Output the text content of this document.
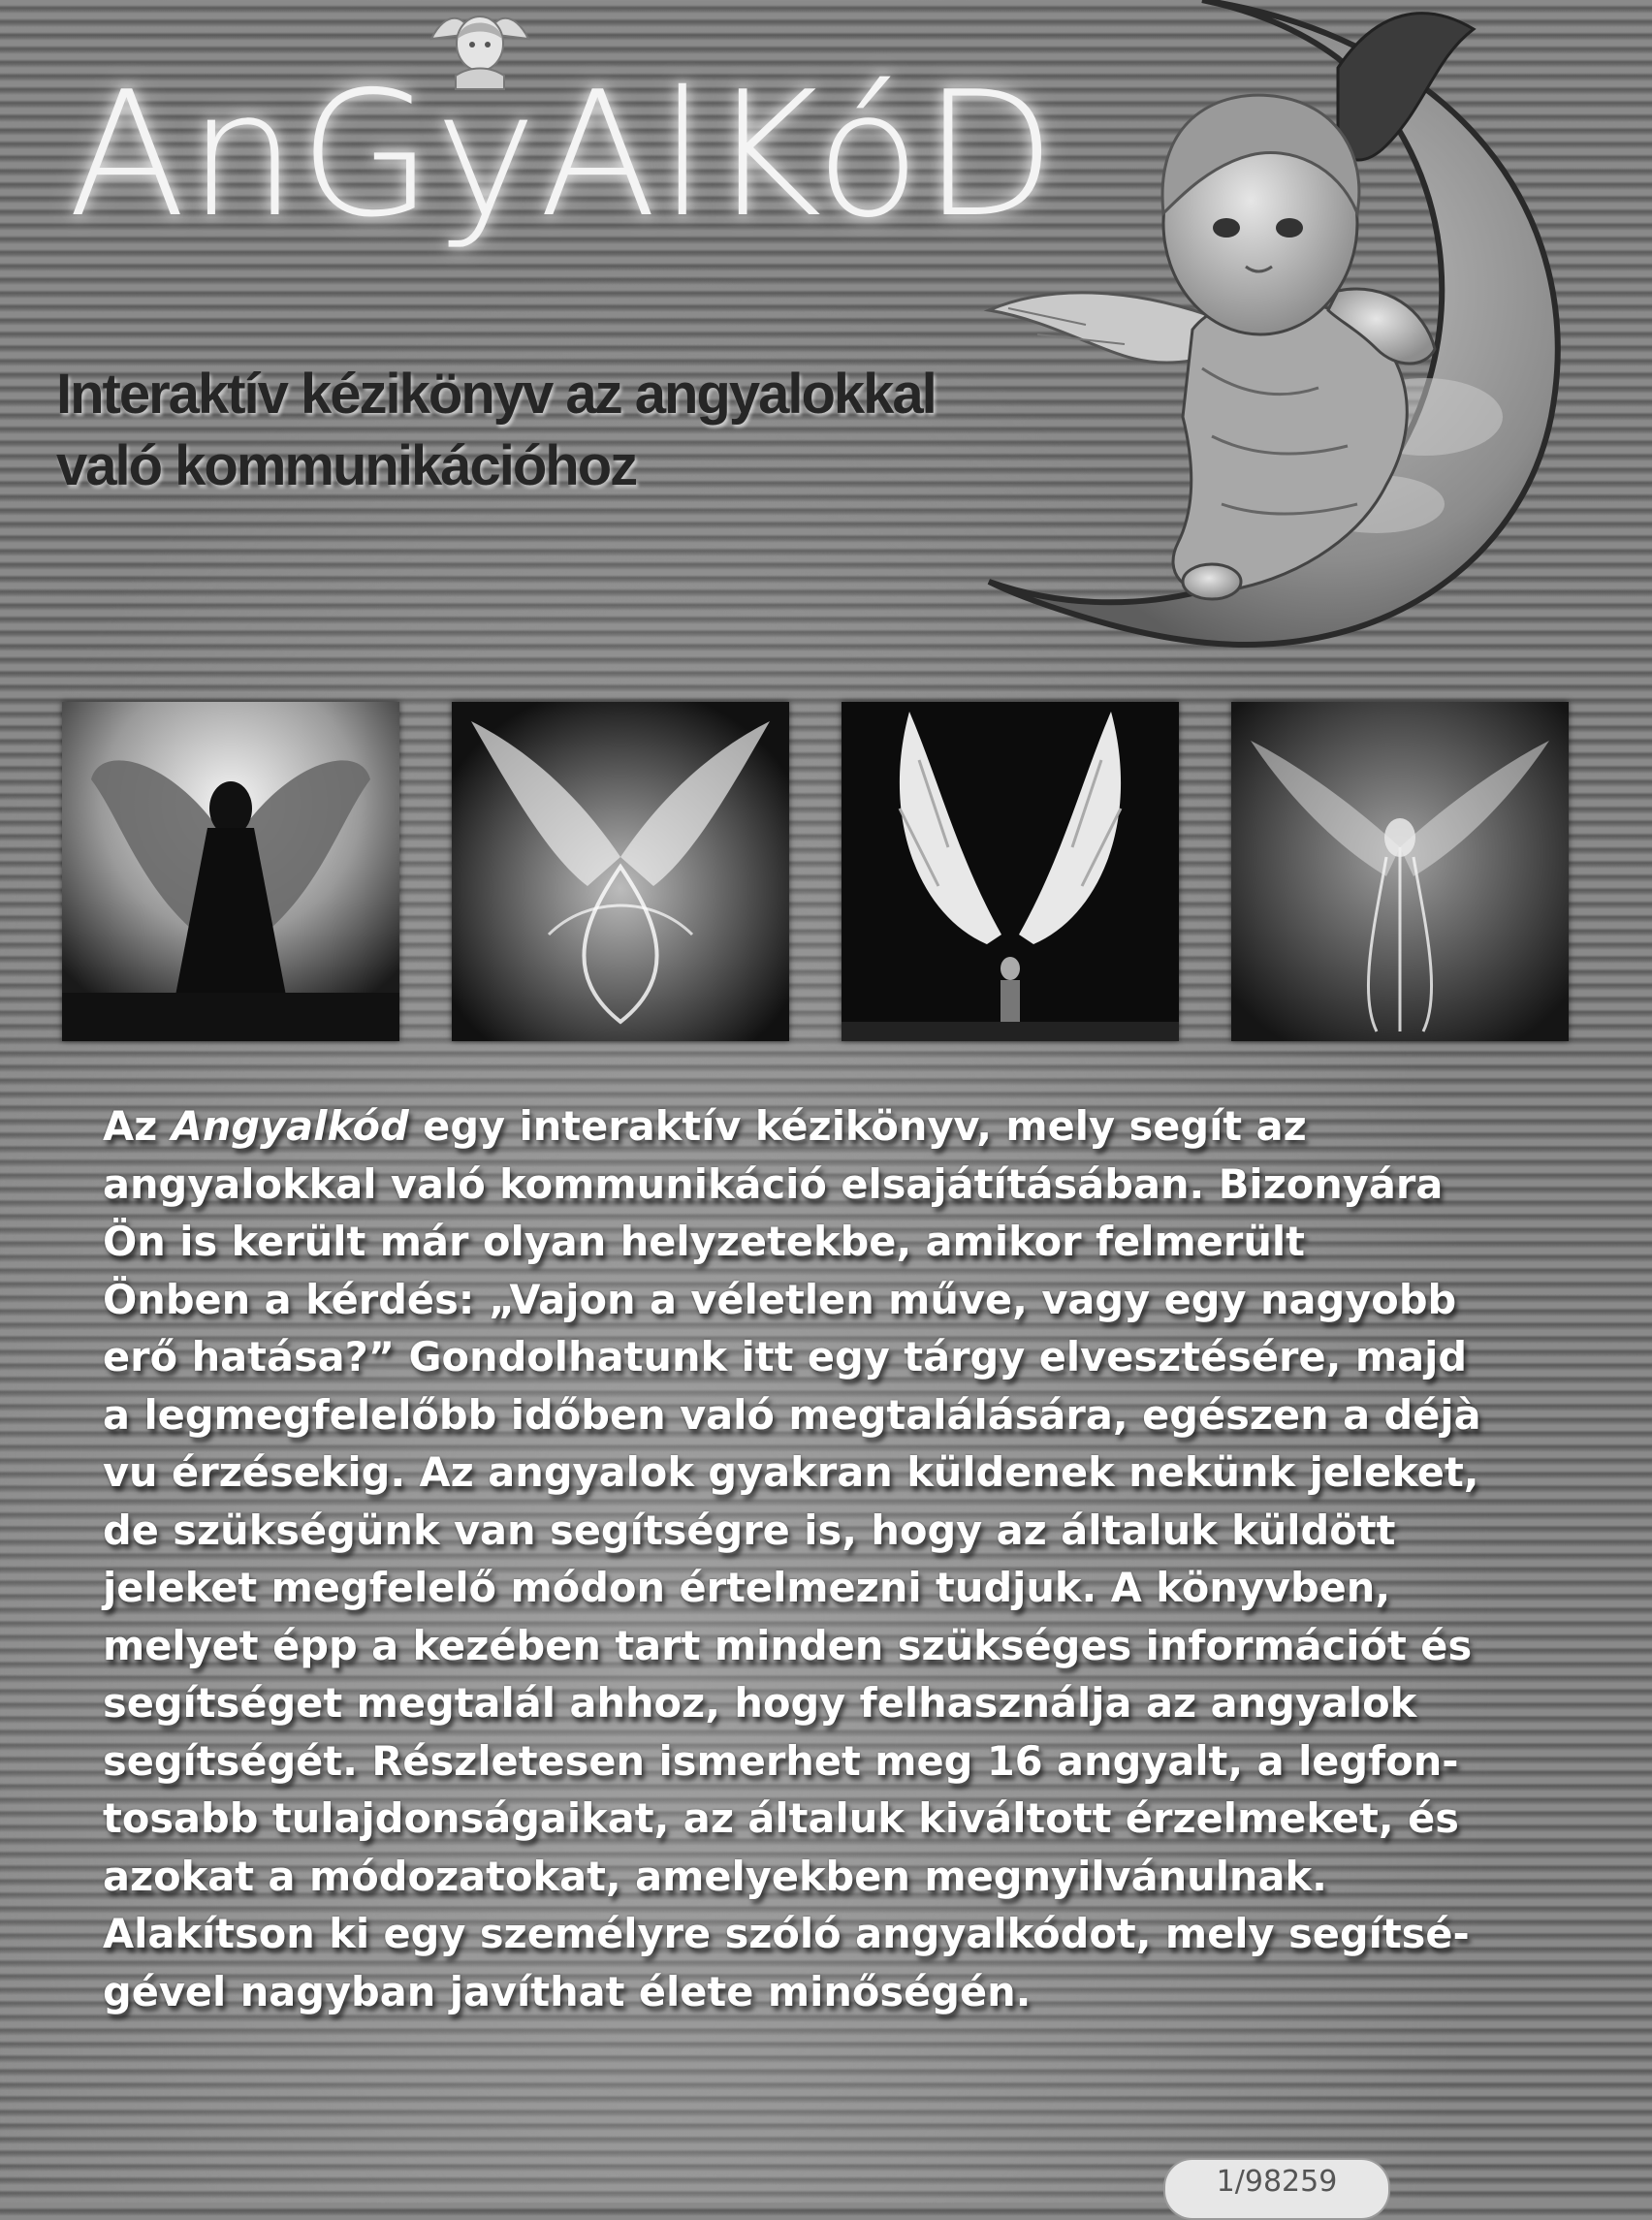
AnGyAlKóD
Interaktív kézikönyv az angyalokkal
való kommunikációhoz
Az Angyalkód egy interaktív kézikönyv, mely segít az
angyalokkal való kommunikáció elsajátításában. Bizonyára
Ön is került már olyan helyzetekbe, amikor felmerült
Önben a kérdés: „Vajon a véletlen műve, vagy egy nagyobb
erő hatása?” Gondolhatunk itt egy tárgy elvesztésére, majd
a legmegfelelőbb időben való megtalálására, egészen a déjà
vu érzésekig. Az angyalok gyakran küldenek nekünk jeleket,
de szükségünk van segítségre is, hogy az általuk küldött
jeleket megfelelő módon értelmezni tudjuk. A könyvben,
melyet épp a kezében tart minden szükséges információt és
segítséget megtalál ahhoz, hogy felhasználja az angyalok
segítségét. Részletesen ismerhet meg 16 angyalt, a legfon-
tosabb tulajdonságaikat, az általuk kiváltott érzelmeket, és
azokat a módozatokat, amelyekben megnyilvánulnak.
Alakítson ki egy személyre szóló angyalkódot, mely segítsé-
gével nagyban javíthat élete minőségén.
1/98259
